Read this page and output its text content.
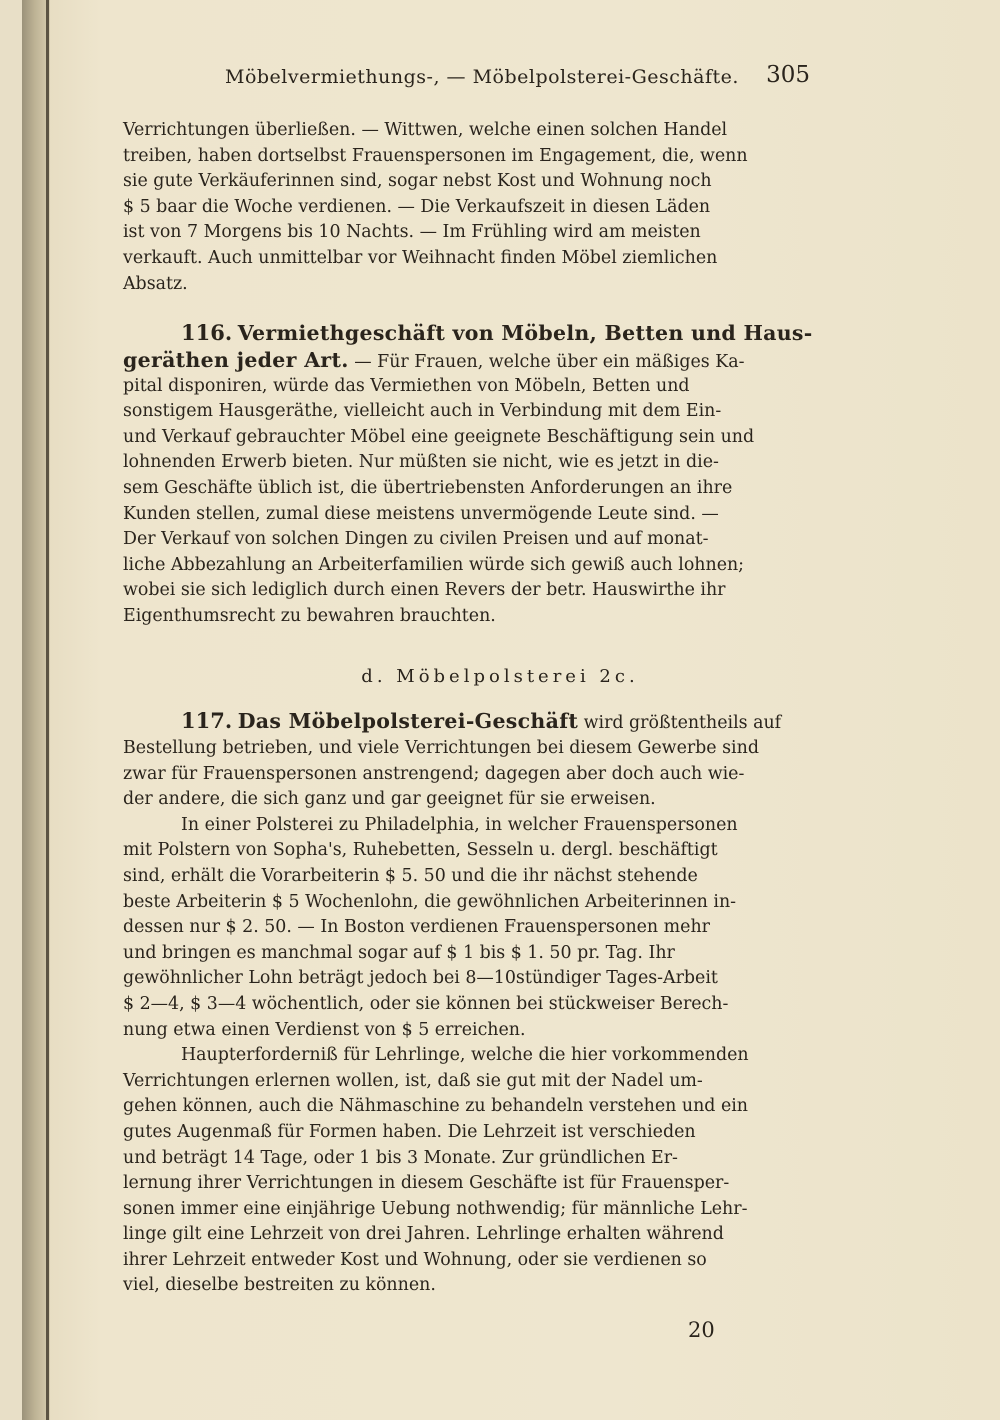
Möbelvermiethungs-, — Möbelpolsterei-Geschäfte. 305
Verrichtungen überließen. — Wittwen, welche einen solchen Handel
treiben, haben dortselbst Frauenspersonen im Engagement, die, wenn
sie gute Verkäuferinnen sind, sogar nebst Kost und Wohnung noch
$ 5 baar die Woche verdienen. — Die Verkaufszeit in diesen Läden
ist von 7 Morgens bis 10 Nachts. — Im Frühling wird am meisten
verkauft. Auch unmittelbar vor Weihnacht finden Möbel ziemlichen
Absatz.
116. Vermiethgeschäft von Möbeln, Betten und Haus-
geräthen jeder Art. — Für Frauen, welche über ein mäßiges Ka-
pital disponiren, würde das Vermiethen von Möbeln, Betten und
sonstigem Hausgeräthe, vielleicht auch in Verbindung mit dem Ein-
und Verkauf gebrauchter Möbel eine geeignete Beschäftigung sein und
lohnenden Erwerb bieten. Nur müßten sie nicht, wie es jetzt in die-
sem Geschäfte üblich ist, die übertriebensten Anforderungen an ihre
Kunden stellen, zumal diese meistens unvermögende Leute sind. —
Der Verkauf von solchen Dingen zu civilen Preisen und auf monat-
liche Abbezahlung an Arbeiterfamilien würde sich gewiß auch lohnen;
wobei sie sich lediglich durch einen Revers der betr. Hauswirthe ihr
Eigenthumsrecht zu bewahren brauchten.
d. Möbelpolsterei 2c.
117. Das Möbelpolsterei-Geschäft wird größtentheils auf
Bestellung betrieben, und viele Verrichtungen bei diesem Gewerbe sind
zwar für Frauenspersonen anstrengend; dagegen aber doch auch wie-
der andere, die sich ganz und gar geeignet für sie erweisen.
In einer Polsterei zu Philadelphia, in welcher Frauenspersonen
mit Polstern von Sopha's, Ruhebetten, Sesseln u. dergl. beschäftigt
sind, erhält die Vorarbeiterin $ 5. 50 und die ihr nächst stehende
beste Arbeiterin $ 5 Wochenlohn, die gewöhnlichen Arbeiterinnen in-
dessen nur $ 2. 50. — In Boston verdienen Frauenspersonen mehr
und bringen es manchmal sogar auf $ 1 bis $ 1. 50 pr. Tag. Ihr
gewöhnlicher Lohn beträgt jedoch bei 8—10stündiger Tages-Arbeit
$ 2—4, $ 3—4 wöchentlich, oder sie können bei stückweiser Berech-
nung etwa einen Verdienst von $ 5 erreichen.
Haupterforderniß für Lehrlinge, welche die hier vorkommenden
Verrichtungen erlernen wollen, ist, daß sie gut mit der Nadel um-
gehen können, auch die Nähmaschine zu behandeln verstehen und ein
gutes Augenmaß für Formen haben. Die Lehrzeit ist verschieden
und beträgt 14 Tage, oder 1 bis 3 Monate. Zur gründlichen Er-
lernung ihrer Verrichtungen in diesem Geschäfte ist für Frauensper-
sonen immer eine einjährige Uebung nothwendig; für männliche Lehr-
linge gilt eine Lehrzeit von drei Jahren. Lehrlinge erhalten während
ihrer Lehrzeit entweder Kost und Wohnung, oder sie verdienen so
viel, dieselbe bestreiten zu können.
20
